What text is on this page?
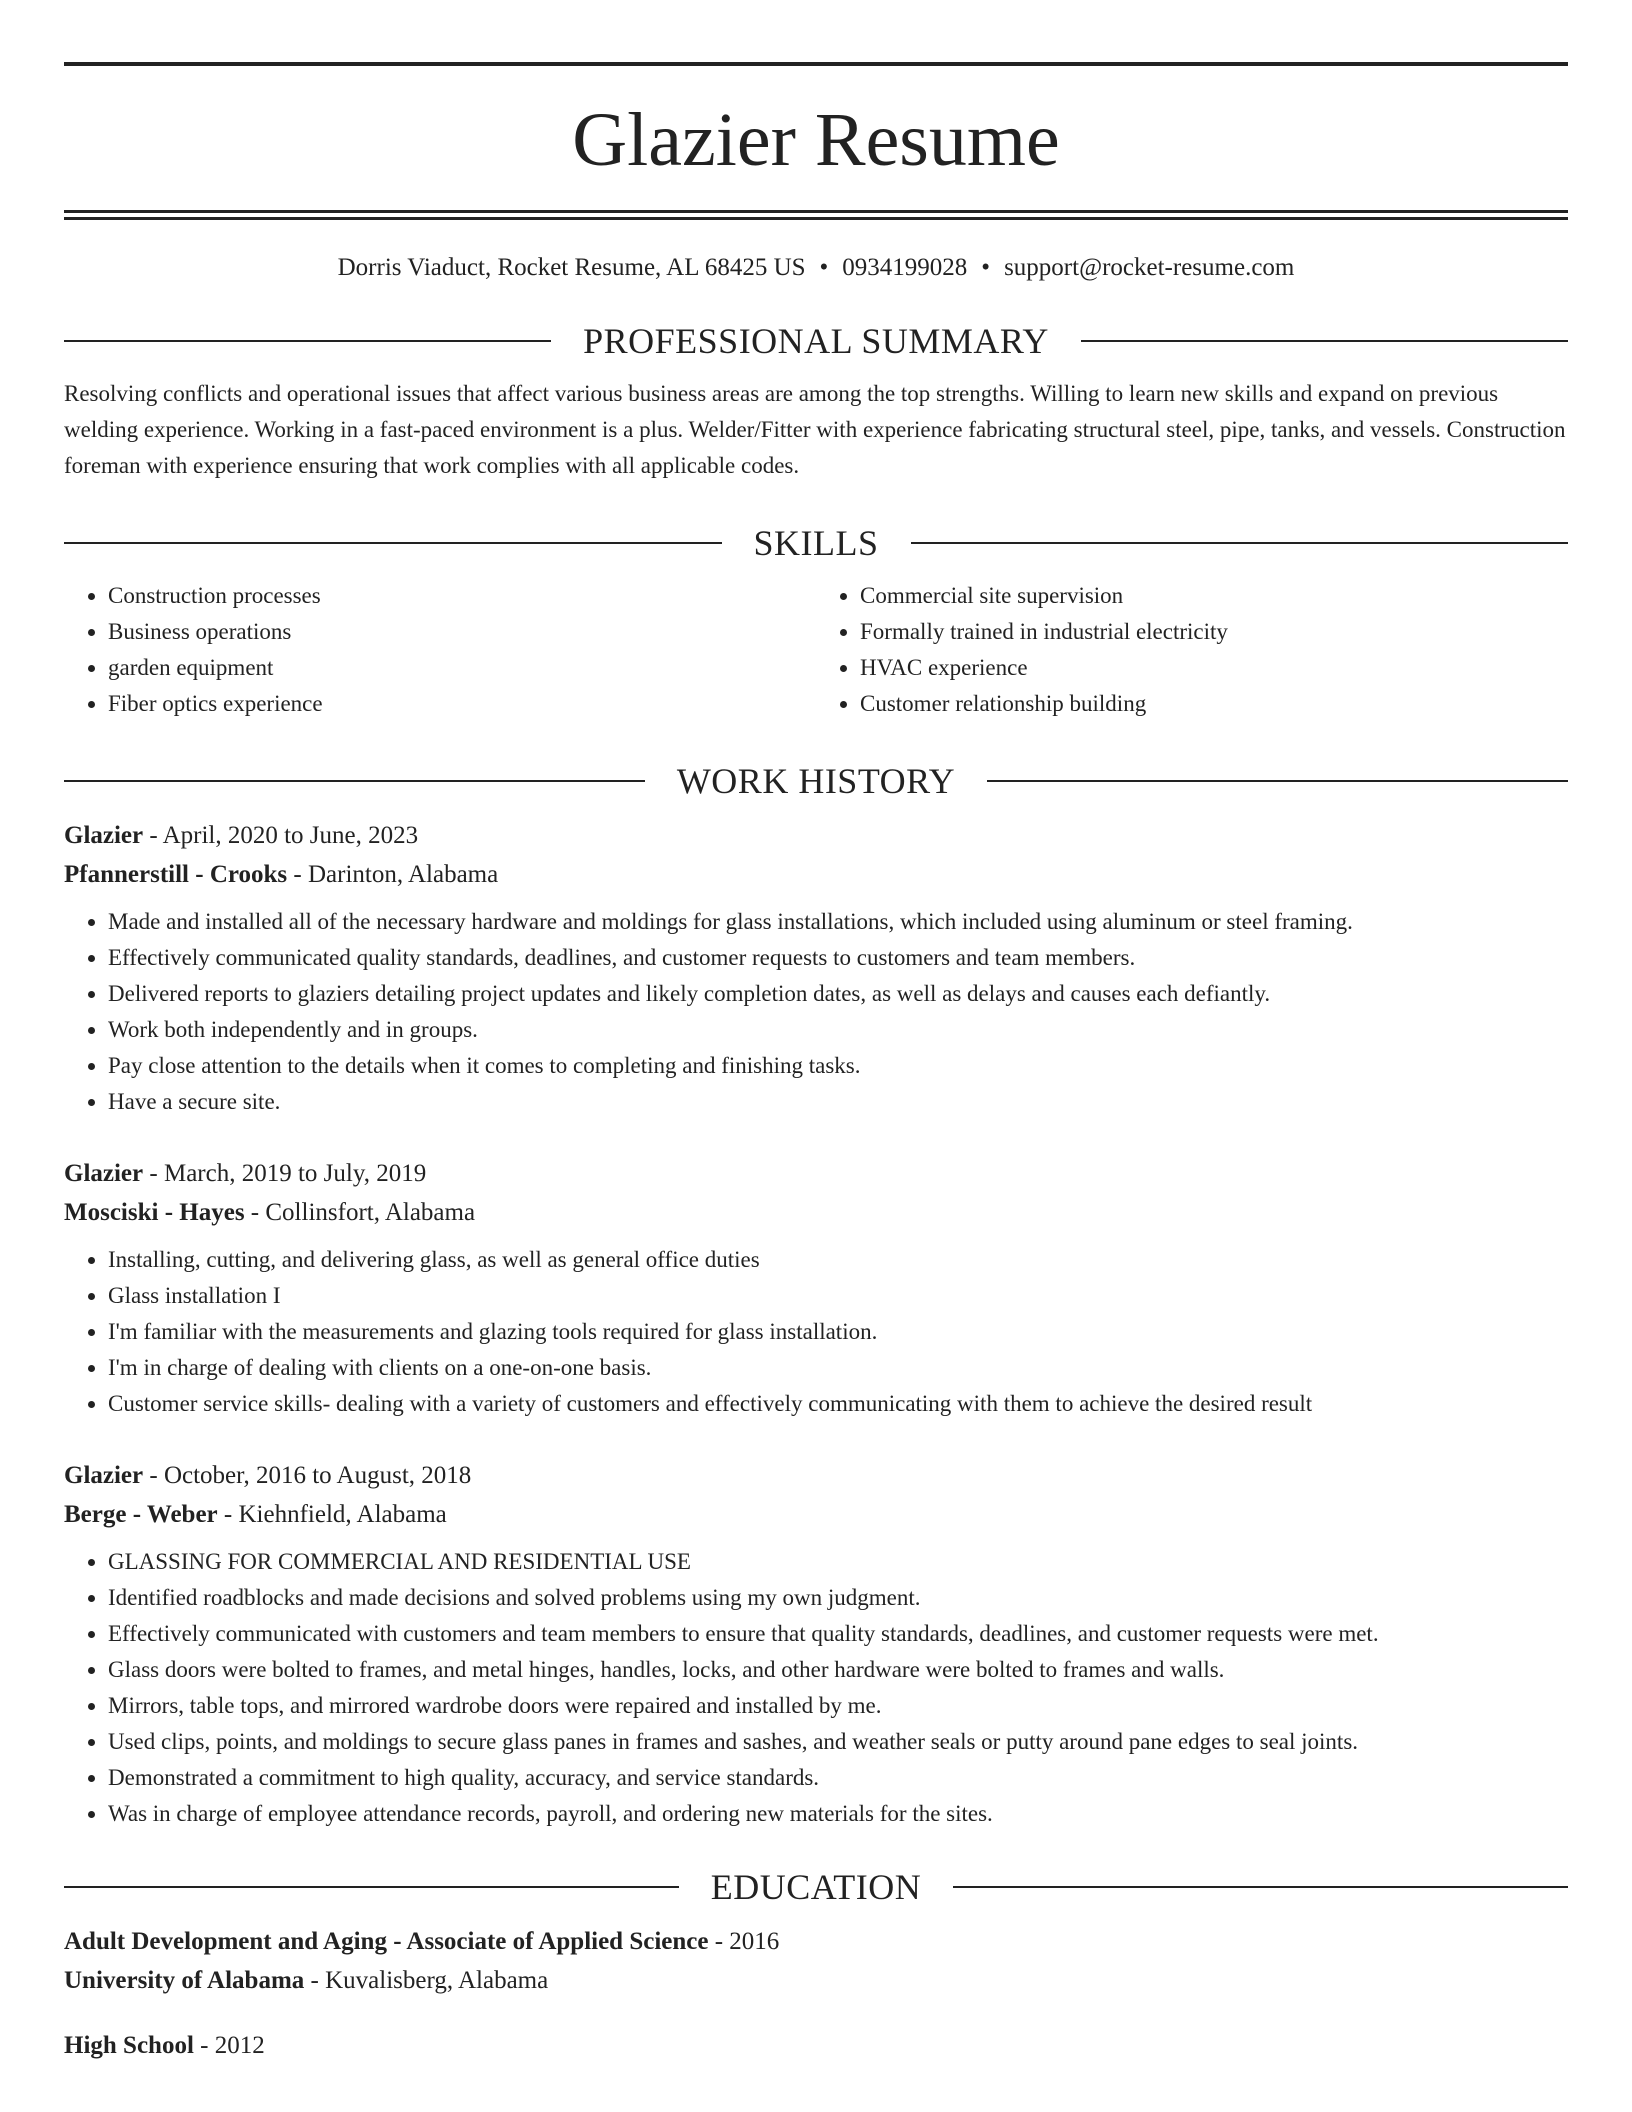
Glazier Resume
Dorris Viaduct, Rocket Resume, AL 68425 US • 0934199028 • support@rocket-resume.com
PROFESSIONAL SUMMARY

Resolving conflicts and operational issues that affect various business areas are among the top strengths. Willing to learn new skills and expand on previous welding experience. Working in a fast-paced environment is a plus. Welder/Fitter with experience fabricating structural steel, pipe, tanks, and vessels. Construction foreman with experience ensuring that work complies with all applicable codes.

SKILLS
• Construction processes
• Business operations
• garden equipment
• Fiber optics experience
• Commercial site supervision
• Formally trained in industrial electricity
• HVAC experience
• Customer relationship building
WORK HISTORY
Glazier - April, 2020 to June, 2023
Pfannerstill - Crooks - Darinton, Alabama
• Made and installed all of the necessary hardware and moldings for glass installations, which included using aluminum or steel framing.
• Effectively communicated quality standards, deadlines, and customer requests to customers and team members.
• Delivered reports to glaziers detailing project updates and likely completion dates, as well as delays and causes each defiantly.
• Work both independently and in groups.
• Pay close attention to the details when it comes to completing and finishing tasks.
• Have a secure site.
Glazier - March, 2019 to July, 2019
Mosciski - Hayes - Collinsfort, Alabama
• Installing, cutting, and delivering glass, as well as general office duties
• Glass installation I
• I'm familiar with the measurements and glazing tools required for glass installation.
• I'm in charge of dealing with clients on a one-on-one basis.
• Customer service skills- dealing with a variety of customers and effectively communicating with them to achieve the desired result
Glazier - October, 2016 to August, 2018
Berge - Weber - Kiehnfield, Alabama
• GLASSING FOR COMMERCIAL AND RESIDENTIAL USE
• Identified roadblocks and made decisions and solved problems using my own judgment.
• Effectively communicated with customers and team members to ensure that quality standards, deadlines, and customer requests were met.
• Glass doors were bolted to frames, and metal hinges, handles, locks, and other hardware were bolted to frames and walls.
• Mirrors, table tops, and mirrored wardrobe doors were repaired and installed by me.
• Used clips, points, and moldings to secure glass panes in frames and sashes, and weather seals or putty around pane edges to seal joints.
• Demonstrated a commitment to high quality, accuracy, and service standards.
• Was in charge of employee attendance records, payroll, and ordering new materials for the sites.
EDUCATION
Adult Development and Aging - Associate of Applied Science - 2016
University of Alabama - Kuvalisberg, Alabama
High School - 2012
